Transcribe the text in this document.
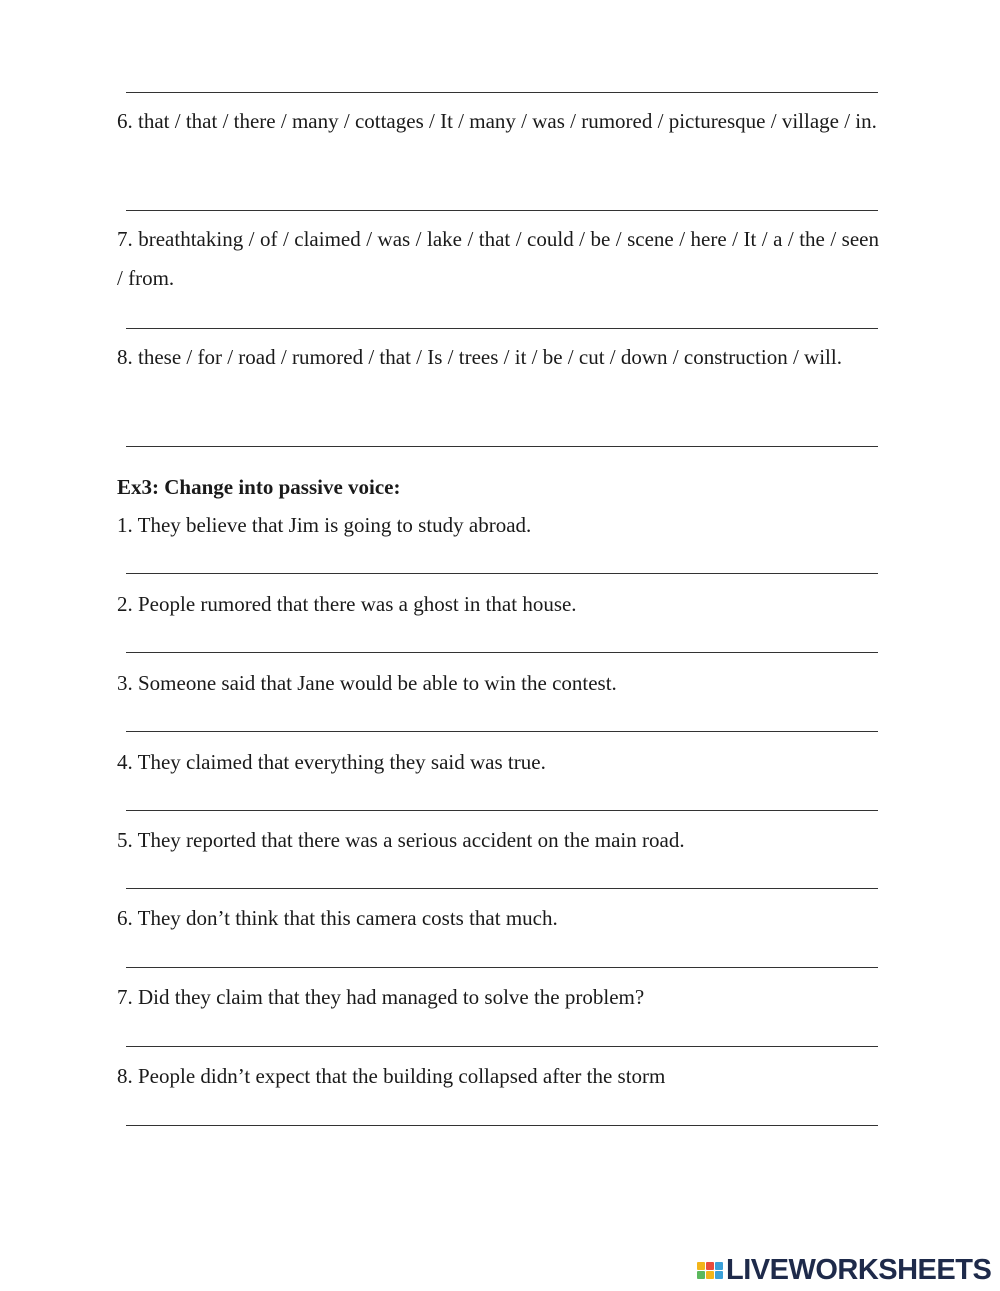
6. that / that / there / many / cottages / It / many / was / rumored / picturesque / village / in.

7. breathtaking / of / claimed / was / lake / that / could / be / scene / here / It / a / the / seen / from.

8. these / for / road / rumored / that / Is / trees / it / be / cut / down / construction / will.

Ex3: Change into passive voice:

1. They believe that Jim is going to study abroad.

2. People rumored that there was a ghost in that house.

3. Someone said that Jane would be able to win the contest.

4. They claimed that everything they said was true.

5. They reported that there was a serious accident on the main road.

6. They don’t think that this camera costs that much.

7. Did they claim that they had managed to solve the problem?

8. People didn’t expect that the building collapsed after the storm

LIVEWORKSHEETS
